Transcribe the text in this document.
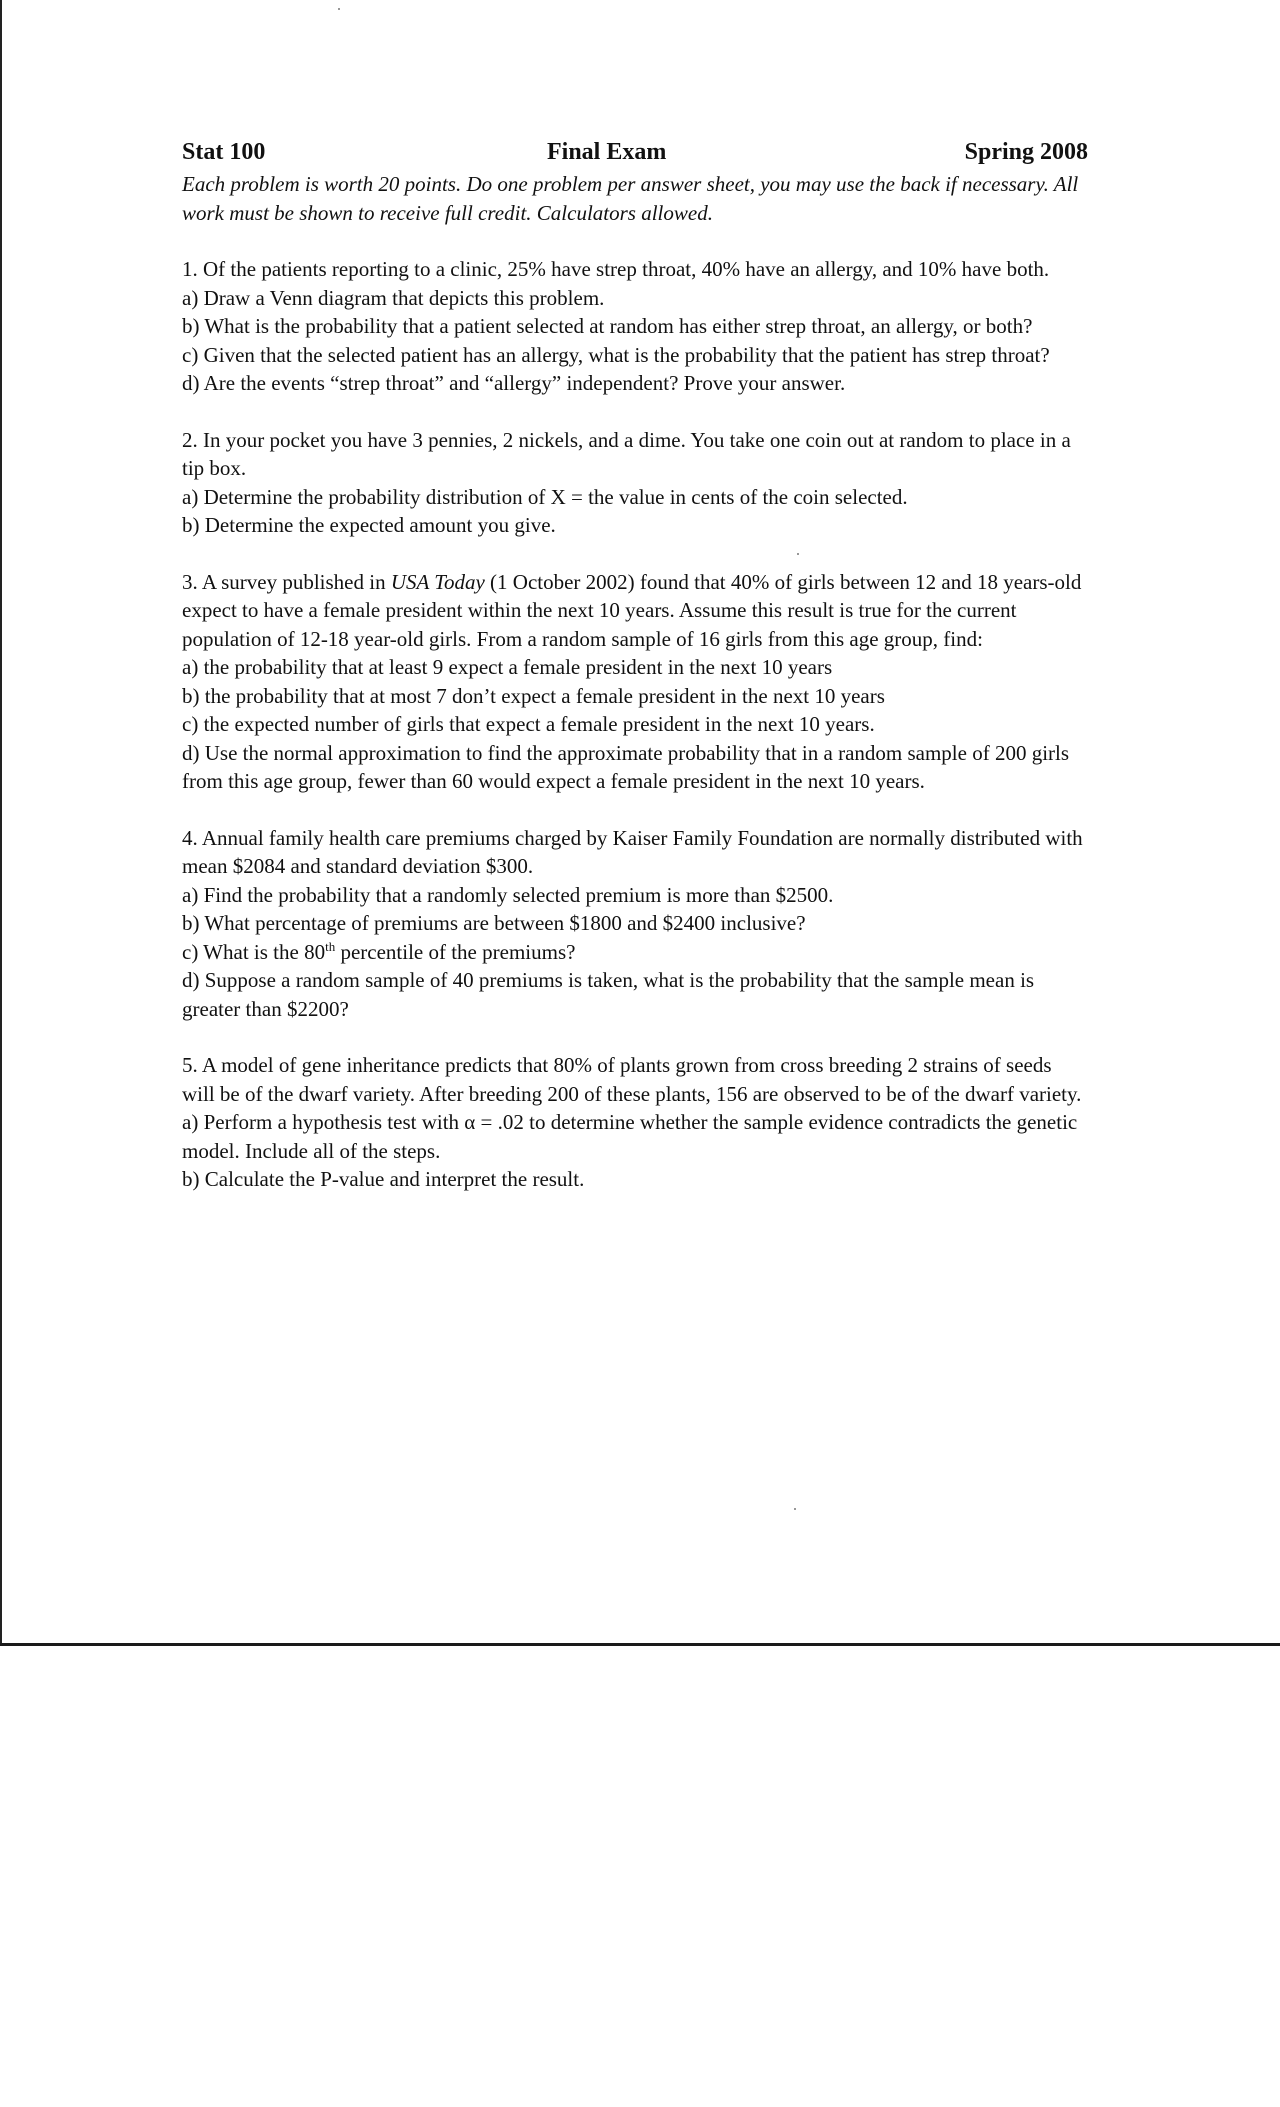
Stat 100	Final Exam	Spring 2008

Each problem is worth 20 points. Do one problem per answer sheet, you may use the back if necessary. All work must be shown to receive full credit. Calculators allowed.

1. Of the patients reporting to a clinic, 25% have strep throat, 40% have an allergy, and 10% have both.

a) Draw a Venn diagram that depicts this problem.

b) What is the probability that a patient selected at random has either strep throat, an allergy, or both?

c) Given that the selected patient has an allergy, what is the probability that the patient has strep throat?

d) Are the events “strep throat” and “allergy” independent? Prove your answer.

2. In your pocket you have 3 pennies, 2 nickels, and a dime. You take one coin out at random to place in a tip box.

a) Determine the probability distribution of X = the value in cents of the coin selected.

b) Determine the expected amount you give.

3. A survey published in USA Today (1 October 2002) found that 40% of girls between 12 and 18 years-old expect to have a female president within the next 10 years. Assume this result is true for the current population of 12-18 year-old girls. From a random sample of 16 girls from this age group, find:

a) the probability that at least 9 expect a female president in the next 10 years

b) the probability that at most 7 don’t expect a female president in the next 10 years

c) the expected number of girls that expect a female president in the next 10 years.

d) Use the normal approximation to find the approximate probability that in a random sample of 200 girls from this age group, fewer than 60 would expect a female president in the next 10 years.

4. Annual family health care premiums charged by Kaiser Family Foundation are normally distributed with mean $2084 and standard deviation $300.

a) Find the probability that a randomly selected premium is more than $2500.

b) What percentage of premiums are between $1800 and $2400 inclusive?

c) What is the 80th percentile of the premiums?

d) Suppose a random sample of 40 premiums is taken, what is the probability that the sample mean is greater than $2200?

5. A model of gene inheritance predicts that 80% of plants grown from cross breeding 2 strains of seeds will be of the dwarf variety. After breeding 200 of these plants, 156 are observed to be of the dwarf variety.

a) Perform a hypothesis test with α = .02 to determine whether the sample evidence contradicts the genetic model. Include all of the steps.

b) Calculate the P-value and interpret the result.
